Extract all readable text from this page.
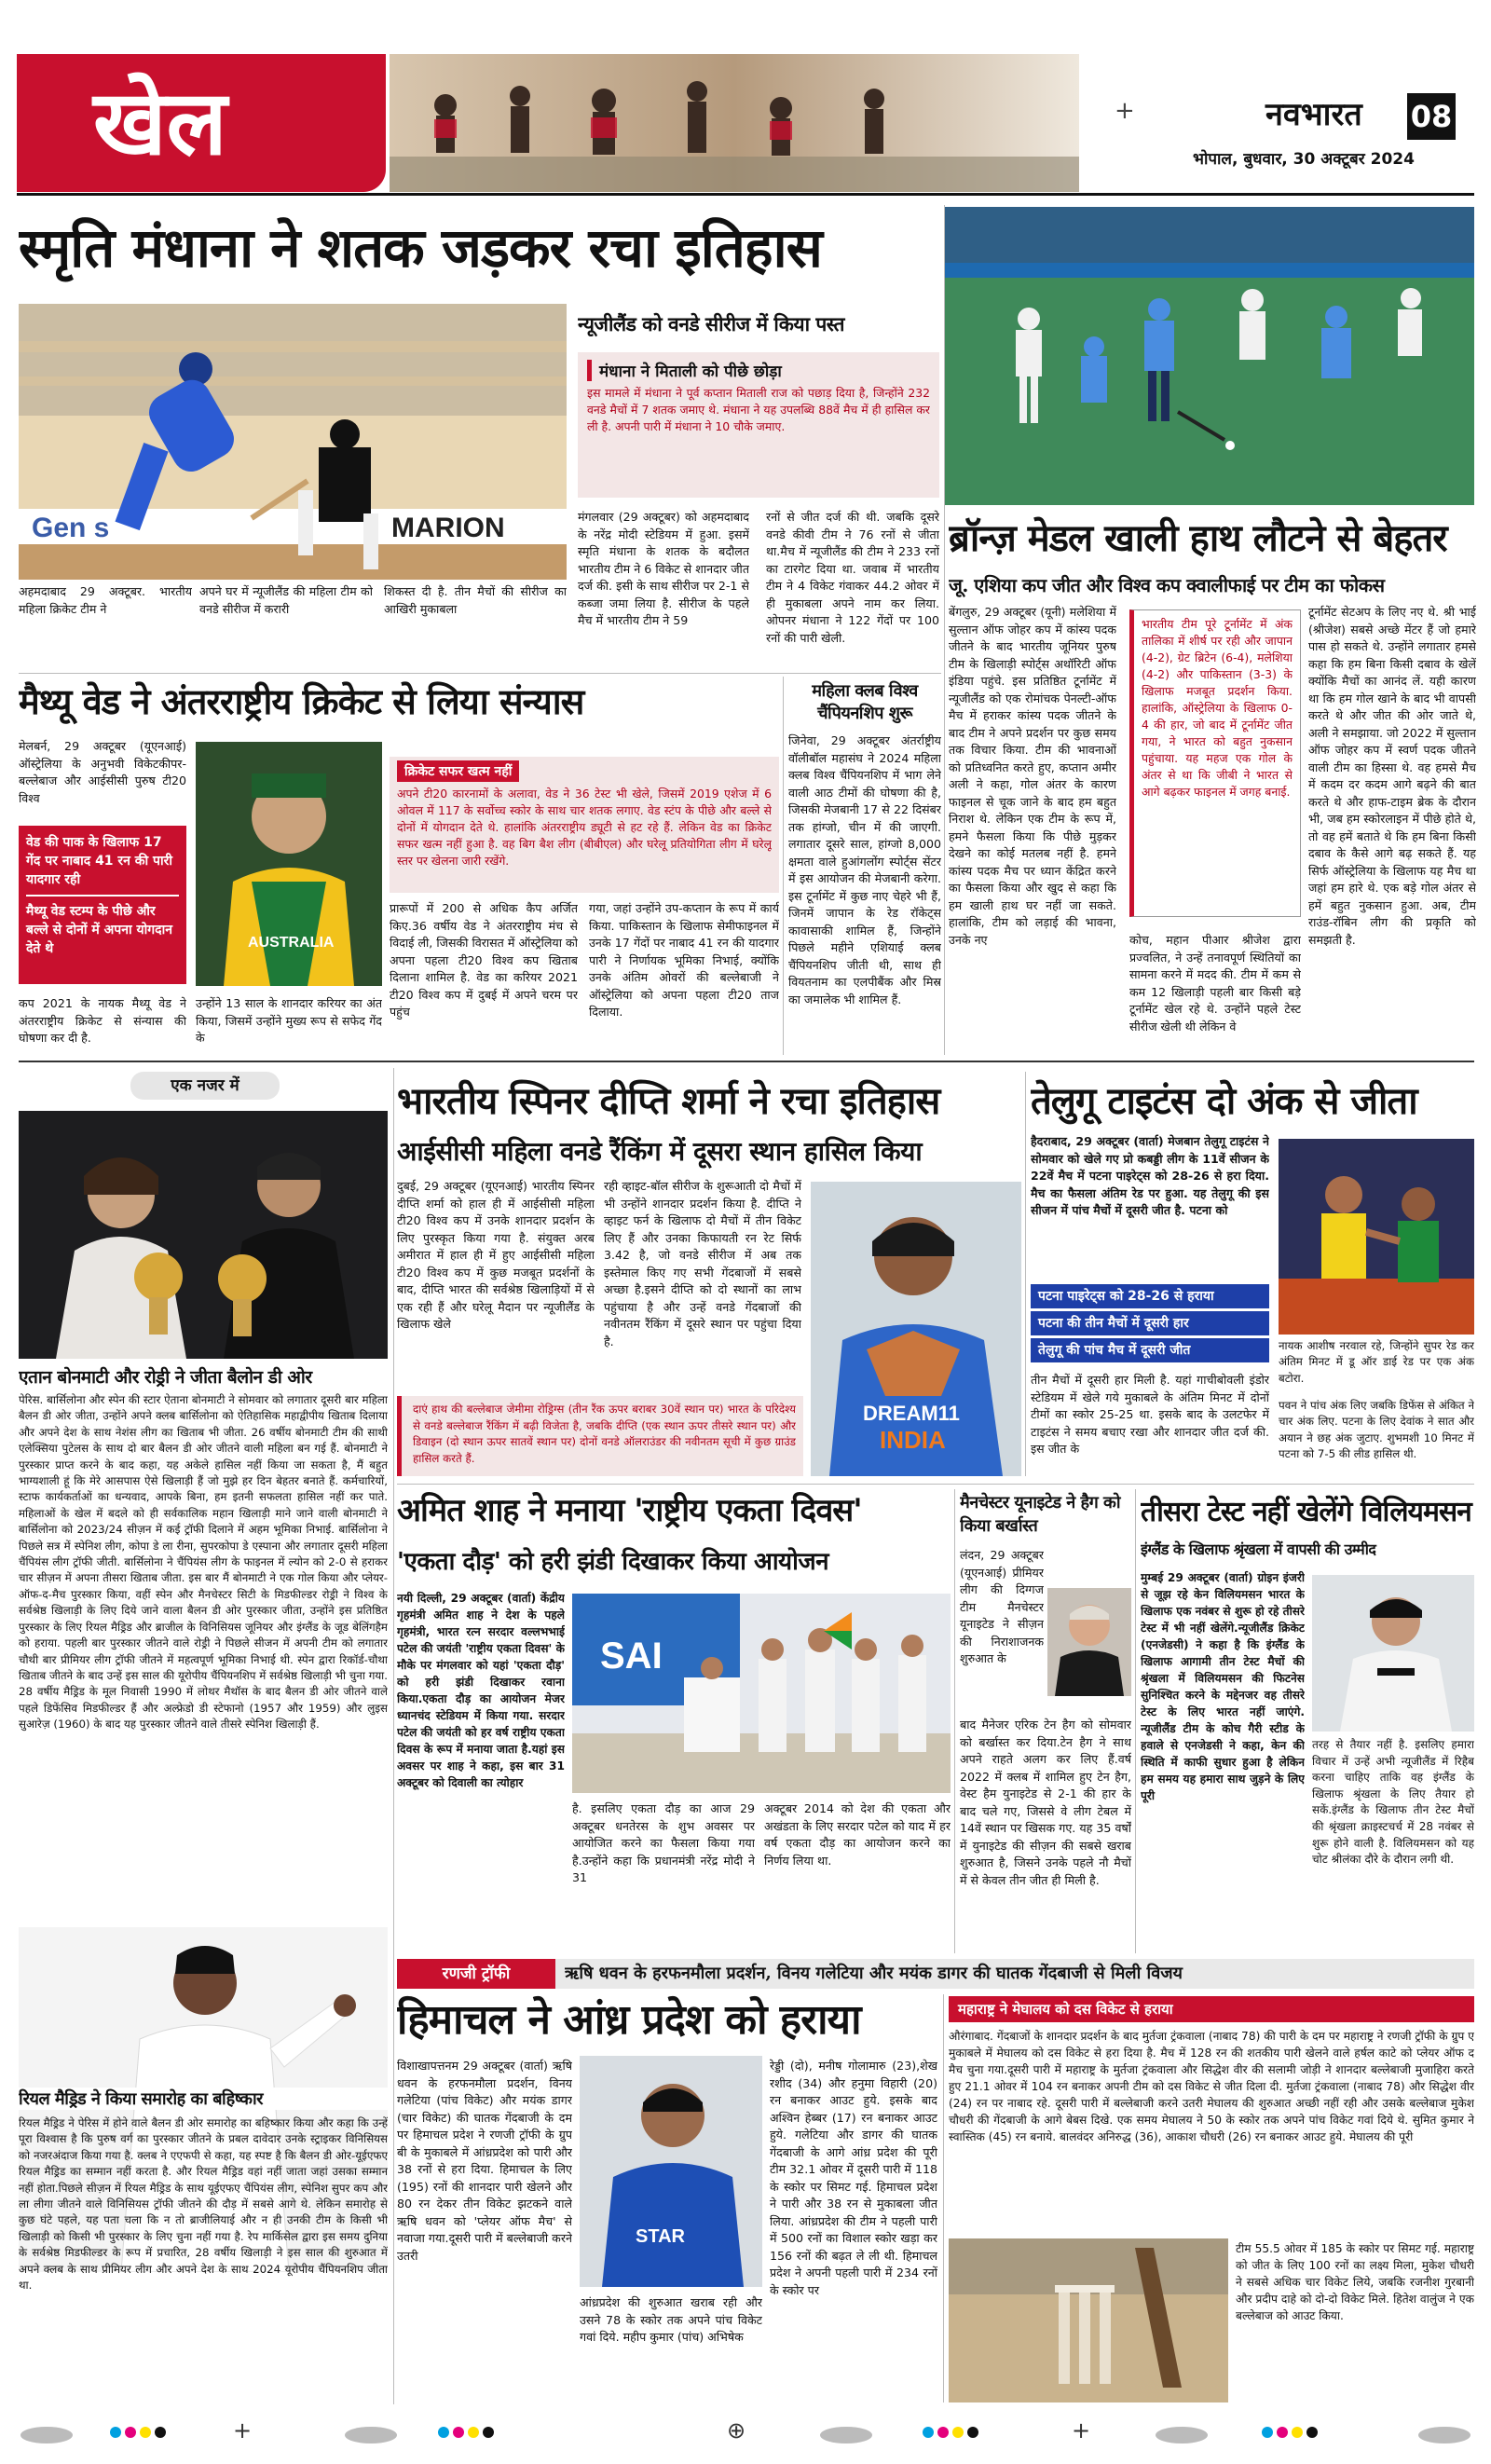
खेल	+	नवभारत 08
भोपाल, बुधवार, 30 अक्टूबर 2024
स्मृति मंधाना ने शतक जड़कर रचा इतिहास
Gen s	MARION
न्यूजीलैंड को वनडे सीरीज में किया पस्त
मंधाना ने मिताली को पीछे छोड़ा
इस मामले में मंधाना ने पूर्व कप्तान मिताली राज को पछाड़ दिया है, जिन्होंने 232 वनडे मैचों में 7 शतक जमाए थे. मंधाना ने यह उपलब्धि 88वें मैच में ही हासिल कर ली है. अपनी पारी में मंधाना ने 10 चौके जमाए.
मंगलवार (29 अक्टूबर) को अहमदाबाद के नरेंद्र मोदी स्टेडियम में हुआ. इसमें स्मृति मंधाना के शतक के बदौलत भारतीय टीम ने 6 विकेट से शानदार जीत दर्ज की. इसी के साथ सीरीज पर 2-1 से कब्जा जमा लिया है. सीरीज के पहले मैच में भारतीय टीम ने 59
रनों से जीत दर्ज की थी. जबकि दूसरे वनडे कीवी टीम ने 76 रनों से जीता था.मैच में न्यूजीलैंड की टीम ने 233 रनों का टारगेट दिया था. जवाब में भारतीय टीम ने 4 विकेट गंवाकर 44.2 ओवर में ही मुकाबला अपने नाम कर लिया. ओपनर मंधाना ने 122 गेंदों पर 100 रनों की पारी खेली.
अहमदाबाद 29 अक्टूबर. भारतीय महिला क्रिकेट टीम ने
अपने घर में न्यूजीलैंड की महिला टीम को वनडे सीरीज में करारी
शिकस्त दी है. तीन मैचों की सीरीज का आखिरी मुकाबला
ब्रॉन्ज़ मेडल खाली हाथ लौटने से बेहतर
जू. एशिया कप जीत और विश्व कप क्वालीफाई पर टीम का फोकस
बेंगलुरु, 29 अक्टूबर (यूनी) मलेशिया में सुल्तान ऑफ जोहर कप में कांस्य पदक जीतने के बाद भारतीय जूनियर पुरुष टीम के खिलाड़ी स्पोर्ट्स अथॉरिटी ऑफ इंडिया पहुंचे. इस प्रतिष्ठित टूर्नामेंट में न्यूजीलैंड को एक रोमांचक पेनल्टी-ऑफ मैच में हराकर कांस्य पदक जीतने के बाद टीम ने अपने प्रदर्शन पर कुछ समय तक विचार किया. टीम की भावनाओं को प्रतिध्वनित करते हुए, कप्तान अमीर अली ने कहा, गोल अंतर के कारण फाइनल से चूक जाने के बाद हम बहुत निराश थे. लेकिन एक टीम के रूप में, हमने फैसला किया कि पीछे मुड़कर देखने का कोई मतलब नहीं है. हमने कांस्य पदक मैच पर ध्यान केंद्रित करने का फैसला किया और खुद से कहा कि हम खाली हाथ घर नहीं जा सकते. हालांकि, टीम को लड़ाई की भावना, उनके नए
भारतीय टीम पूरे टूर्नामेंट में अंक तालिका में शीर्ष पर रही और जापान (4-2), ग्रेट ब्रिटेन (6-4), मलेशिया (4-2) और पाकिस्तान (3-3) के खिलाफ मजबूत प्रदर्शन किया. हालांकि, ऑस्ट्रेलिया के खिलाफ 0-4 की हार, जो बाद में टूर्नामेंट जीत गया, ने भारत को बहुत नुकसान पहुंचाया. यह महज एक गोल के अंतर से था कि जीबी ने भारत से आगे बढ़कर फाइनल में जगह बनाई.
कोच, महान पीआर श्रीजेश द्वारा प्रज्वलित, ने उन्हें तनावपूर्ण स्थितियों का सामना करने में मदद की. टीम में कम से कम 12 खिलाड़ी पहली बार किसी बड़े टूर्नामेंट खेल रहे थे. उन्होंने पहले टेस्ट सीरीज खेली थी लेकिन वे
टूर्नामेंट सेटअप के लिए नए थे. श्री भाई (श्रीजेश) सबसे अच्छे मेंटर हैं जो हमारे पास हो सकते थे. उन्होंने लगातार हमसे कहा कि हम बिना किसी दबाव के खेलें क्योंकि मैचों का आनंद लें. यही कारण था कि हम गोल खाने के बाद भी वापसी करते थे और जीत की ओर जाते थे, अली ने समझाया. जो 2022 में सुल्तान ऑफ जोहर कप में स्वर्ण पदक जीतने वाली टीम का हिस्सा थे. वह हमसे मैच में कदम दर कदम आगे बढ़ने की बात करते थे और हाफ-टाइम ब्रेक के दौरान भी, जब हम स्कोरलाइन में पीछे होते थे, तो वह हमें बताते थे कि हम बिना किसी दबाव के कैसे आगे बढ़ सकते हैं. यह सिर्फ ऑस्ट्रेलिया के खिलाफ यह मैच था जहां हम हारे थे. एक बड़े गोल अंतर से हमें बहुत नुकसान हुआ. अब, टीम राउंड-रॉबिन लीग की प्रकृति को समझती है.
मैथ्यू वेड ने अंतरराष्ट्रीय क्रिकेट से लिया संन्यास
मेलबर्न, 29 अक्टूबर (यूएनआई) ऑस्ट्रेलिया के अनुभवी विकेटकीपर-बल्लेबाज और आईसीसी पुरुष टी20 विश्व
वेड की पाक के खिलाफ 17 गेंद पर नाबाद 41 रन की पारी यादगार रही
मैथ्यू वेड स्टम्प के पीछे और बल्ले से दोनों में अपना योगदान देते थे	AUSTRALIA
कप 2021 के नायक मैथ्यू वेड ने अंतरराष्ट्रीय क्रिकेट से संन्यास की घोषणा कर दी है.
उन्होंने 13 साल के शानदार करियर का अंत किया, जिसमें उन्होंने मुख्य रूप से सफेद गेंद के
क्रिकेट सफर खत्म नहीं
अपने टी20 कारनामों के अलावा, वेड ने 36 टेस्ट भी खेले, जिसमें 2019 एशेज में 6 ओवल में 117 के सर्वोच्च स्कोर के साथ चार शतक लगाए. वेड स्टंप के पीछे और बल्ले से दोनों में योगदान देते थे. हालांकि अंतरराष्ट्रीय ड्यूटी से हट रहे हैं. लेकिन वेड का क्रिकेट सफर खत्म नहीं हुआ है. वह बिग बैश लीग (बीबीएल) और घरेलू प्रतियोगिता लीग में घरेलू स्तर पर खेलना जारी रखेंगे.
प्रारूपों में 200 से अधिक कैप अर्जित किए.36 वर्षीय वेड ने अंतरराष्ट्रीय मंच से विदाई ली, जिसकी विरासत में ऑस्ट्रेलिया को अपना पहला टी20 विश्व कप खिताब दिलाना शामिल है. वेड का करियर 2021 टी20 विश्व कप में दुबई में अपने चरम पर पहुंच
गया, जहां उन्होंने उप-कप्तान के रूप में कार्य किया. पाकिस्तान के खिलाफ सेमीफाइनल में उनके 17 गेंदों पर नाबाद 41 रन की यादगार पारी ने निर्णायक भूमिका निभाई, क्योंकि उनके अंतिम ओवरों की बल्लेबाजी ने ऑस्ट्रेलिया को अपना पहला टी20 ताज दिलाया.
महिला क्लब विश्व चैंपियनशिप शुरू
जिनेवा, 29 अक्टूबर अंतर्राष्ट्रीय वॉलीबॉल महासंघ ने 2024 महिला क्लब विश्व चैंपियनशिप में भाग लेने वाली आठ टीमों की घोषणा की है, जिसकी मेजबानी 17 से 22 दिसंबर तक हांग्जो, चीन में की जाएगी. लगातार दूसरे साल, हांग्जो 8,000 क्षमता वाले हुआंगलोंग स्पोर्ट्स सेंटर में इस आयोजन की मेजबानी करेगा. इस टूर्नामेंट में कुछ नाए चेहरे भी हैं, जिनमें जापान के रेड रॉकेट्स कावासाकी शामिल हैं, जिन्होंने पिछले महीने एशियाई क्लब चैंपियनशिप जीती थी, साथ ही वियतनाम का एलपीबैंक और मिस्र का जमालेक भी शामिल हैं.
एक नजर में
एतान बोनमाटी और रोड्री ने जीता बैलोन डी ओर
पेरिस. बार्सिलोना और स्पेन की स्टार ऐताना बोनमाटी ने सोमवार को लगातार दूसरी बार महिला बैलन डी ओर जीता, उन्होंने अपने क्लब बार्सिलोना को ऐतिहासिक महाद्वीपीय खिताब दिलाया और अपने देश के साथ नेशंस लीग का खिताब भी जीता. 26 वर्षीय बोनमाटी टीम की साथी एलेक्सिया पुटेलस के साथ दो बार बैलन डी ओर जीतने वाली महिला बन गई हैं. बोनमाटी ने पुरस्कार प्राप्त करने के बाद कहा, यह अकेले हासिल नहीं किया जा सकता है, मैं बहुत भाग्यशाली हूं कि मेरे आसपास ऐसे खिलाड़ी हैं जो मुझे हर दिन बेहतर बनाते हैं. कर्मचारियों, स्टाफ कार्यकर्ताओं का धन्यवाद, आपके बिना, हम इतनी सफलता हासिल नहीं कर पाते. महिलाओं के खेल में बदले को ही सर्वकालिक महान खिलाड़ी माने जाने वाली बोनमाटी ने बार्सिलोना को 2023/24 सीज़न में कई ट्रॉफी दिलाने में अहम भूमिका निभाई. बार्सिलोना ने पिछले सत्र में स्पेनिश लीग, कोपा डे ला रीना, सुपरकोपा डे एस्पाना और लगातार दूसरी महिला चैंपियंस लीग ट्रॉफी जीती. बार्सिलोना ने चैंपियंस लीग के फाइनल में ल्योन को 2-0 से हराकर चार सीज़न में अपना तीसरा खिताब जीता. इस बार मैं बोनमाटी ने एक गोल किया और प्लेयर-ऑफ-द-मैच पुरस्कार किया, वहीं स्पेन और मैनचेस्टर सिटी के मिडफील्डर रोड्री ने विश्व के सर्वश्रेष्ठ खिलाड़ी के लिए दिये जाने वाला बैलन डी ओर पुरस्कार जीता, उन्होंने इस प्रतिष्ठित पुरस्कार के लिए रियल मैड्रिड और ब्राजील के विनिसियस जूनियर और इंग्लैंड के जूड बेलिंगहैम को हराया. पहली बार पुरस्कार जीतने वाले रोड्री ने पिछले सीजन में अपनी टीम को लगातार चौथी बार प्रीमियर लीग ट्रॉफी जीतने में महत्वपूर्ण भूमिका निभाई थी. स्पेन द्वारा रिकॉर्ड-चौथा खिताब जीतने के बाद उन्हें इस साल की यूरोपीय चैंपियनशिप में सर्वश्रेष्ठ खिलाड़ी भी चुना गया. 28 वर्षीय मैड्रिड के मूल निवासी 1990 में लोथर मैथॉस के बाद बैलन डी ओर जीतने वाले पहले डिफेंसिव मिडफील्डर हैं और अल्फ्रेडो डी स्टेफानो (1957 और 1959) और लुइस सुआरेज़ (1960) के बाद यह पुरस्कार जीतने वाले तीसरे स्पेनिश खिलाड़ी हैं.
रियल मैड्रिड ने किया समारोह का बहिष्कार
रियल मैड्रिड ने पेरिस में होने वाले बैलन डी ओर समारोह का बहिष्कार किया और कहा कि उन्हें पूरा विश्वास है कि पुरुष वर्ग का पुरस्कार जीतने के प्रबल दावेदार उनके स्ट्राइकर विनिसियस को नजरअंदाज किया गया है. क्लब ने एएफपी से कहा, यह स्पष्ट है कि बैलन डी ओर-यूईएफए रियल मैड्रिड का सम्मान नहीं करता है. और रियल मैड्रिड वहां नहीं जाता जहां उसका सम्मान नहीं होता.पिछले सीज़न में रियल मैड्रिड के साथ यूईएफए चैंपियंस लीग, स्पेनिश सुपर कप और ला लीगा जीतने वाले विनिसियस ट्रॉफी जीतने की दौड़ में सबसे आगे थे. लेकिन समारोह से कुछ घंटे पहले, यह पता चला कि न तो ब्राजीलियाई और न ही उनकी टीम के किसी भी खिलाड़ी को किसी भी पुरस्कार के लिए चुना नहीं गया है. रेप मार्किसेल द्वारा इस समय दुनिया के सर्वश्रेष्ठ मिडफील्डर के रूप में प्रचारित, 28 वर्षीय खिलाड़ी ने इस साल की शुरुआत में अपने क्लब के साथ प्रीमियर लीग और अपने देश के साथ 2024 यूरोपीय चैंपियनशिप जीता था.
भारतीय स्पिनर दीप्ति शर्मा ने रचा इतिहास
आईसीसी महिला वनडे रैंकिंग में दूसरा स्थान हासिल किया
दुबई, 29 अक्टूबर (यूएनआई) भारतीय स्पिनर दीप्ति शर्मा को हाल ही में आईसीसी महिला टी20 विश्व कप में उनके शानदार प्रदर्शन के लिए पुरस्कृत किया गया है. संयुक्त अरब अमीरात में हाल ही में हुए आईसीसी महिला टी20 विश्व कप में कुछ मजबूत प्रदर्शनों के बाद, दीप्ति भारत की सर्वश्रेष्ठ खिलाड़ियों में से एक रही हैं और घरेलू मैदान पर न्यूजीलैंड के खिलाफ खेले
रही व्हाइट-बॉल सीरीज के शुरूआती दो मैचों में भी उन्होंने शानदार प्रदर्शन किया है. दीप्ति ने व्हाइट फर्न के खिलाफ दो मैचों में तीन विकेट लिए हैं और उनका किफायती रन रेट सिर्फ 3.42 है, जो वनडे सीरीज में अब तक इस्तेमाल किए गए सभी गेंदबाजों में सबसे अच्छा है.इसने दीप्ति को दो स्थानों का लाभ पहुंचाया है और उन्हें वनडे गेंदबाजों की नवीनतम रैंकिंग में दूसरे स्थान पर पहुंचा दिया है.
DREAM11
INDIA
दाएं हाथ की बल्लेबाज जेमीमा रोड्रिग्स (तीन रैंक ऊपर बराबर 30वें स्थान पर) भारत के परिदेश्य से वनडे बल्लेबाज रैंकिंग में बढ़ी विजेता है, जबकि दीप्ति (एक स्थान ऊपर तीसरे स्थान पर) और डिवाइन (दो स्थान ऊपर सातवें स्थान पर) दोनों वनडे ऑलराउंडर की नवीनतम सूची में कुछ ग्राउंड हासिल करते हैं.
तेलुगू टाइटंस दो अंक से जीता
हैदराबाद, 29 अक्टूबर (वार्ता) मेजबान तेलुगू टाइटंस ने सोमवार को खेले गए प्रो कबड्डी लीग के 11वें सीजन के 22वें मैच में पटना पाइरेट्स को 28-26 से हरा दिया. मैच का फैसला अंतिम रेड पर हुआ. यह तेलुगू की इस सीजन में पांच मैचों में दूसरी जीत है. पटना को
पटना पाइरेट्स को 28-26 से हराया
पटना की तीन मैचों में दूसरी हार
तेलुगू की पांच मैच में दूसरी जीत
तीन मैचों में दूसरी हार मिली है. यहां गाचीबोवली इंडोर स्टेडियम में खेले गये मुकाबले के अंतिम मिनट में दोनों टीमों का स्कोर 25-25 था. इसके बाद के उलटफेर में टाइटंस ने समय बचाए रखा और शानदार जीत दर्ज की. इस जीत के
नायक आशीष नरवाल रहे, जिन्होंने सुपर रेड कर अंतिम मिनट में डू ऑर डाई रेड पर एक अंक बटोरा.
पवन ने पांच अंक लिए जबकि डिफेंस से अंकित ने चार अंक लिए. पटना के लिए देवांक ने सात और अयान ने छह अंक जुटाए. शुभमशी 10 मिनट में पटना को 7-5 की लीड हासिल थी.
अमित शाह ने मनाया 'राष्ट्रीय एकता दिवस'
'एकता दौड़' को हरी झंडी दिखाकर किया आयोजन
नयी दिल्ली, 29 अक्टूबर (वार्ता) केंद्रीय गृहमंत्री अमित शाह ने देश के पहले गृहमंत्री, भारत रत्न सरदार वल्लभभाई पटेल की जयंती 'राष्ट्रीय एकता दिवस' के मौके पर मंगलवार को यहां 'एकता दौड़' को हरी झंडी दिखाकर रवाना किया.एकता दौड़ का आयोजन मेजर ध्यानचंद स्टेडियम में किया गया. सरदार पटेल की जयंती को हर वर्ष राष्ट्रीय एकता दिवस के रूप में मनाया जाता है.यहां इस अवसर पर शाह ने कहा, इस बार 31 अक्टूबर को दिवाली का त्योहार
SAI
है. इसलिए एकता दौड़ का आज 29 अक्टूबर धनतेरस के शुभ अवसर पर आयोजित करने का फैसला किया गया है.उन्होंने कहा कि प्रधानमंत्री नरेंद्र मोदी ने 31
अक्टूबर 2014 को देश की एकता और अखंडता के लिए सरदार पटेल को याद में हर वर्ष एकता दौड़ का आयोजन करने का निर्णय लिया था.
मैनचेस्टर यूनाइटेड ने हैग को किया बर्खास्त
लंदन, 29 अक्टूबर (यूएनआई) प्रीमियर लीग की दिग्गज टीम मैनचेस्टर यूनाइटेड ने सीज़न की निराशाजनक शुरुआत के
बाद मैनेजर एरिक टेन हैग को सोमवार को बर्खास्त कर दिया.टेन हैग ने साथ अपने राहते अलग कर लिए हैं.वर्ष 2022 में क्लब में शामिल हुए टेन हैग, वेस्ट हैम युनाइटेड से 2-1 की हार के बाद चले गए, जिससे वे लीग टेबल में 14वें स्थान पर खिसक गए. यह 35 वर्षों में युनाइटेड की सीज़न की सबसे खराब शुरुआत है, जिसने उनके पहले नौ मैचों में से केवल तीन जीत ही मिली है.
तीसरा टेस्ट नहीं खेलेंगे विलियमसन
इंग्लैंड के खिलाफ श्रृंखला में वापसी की उम्मीद
मुम्बई 29 अक्टूबर (वार्ता) ग्रोइन इंजरी से जूझ रहे केन विलियमसन भारत के खिलाफ एक नवंबर से शुरू हो रहे तीसरे टेस्ट में भी नहीं खेलेंगे.न्यूजीलैंड क्रिकेट (एनजेडसी) ने कहा है कि इंग्लैंड के खिलाफ आगामी तीन टेस्ट मैचों की श्रृंखला में विलियमसन की फिटनेस सुनिश्चित करने के मद्देनजर वह तीसरे टेस्ट के लिए भारत नहीं जाएंगे. न्यूजीलैंड टीम के कोच गैरी स्टीड के हवाले से एनजेडसी ने कहा, केन की स्थिति में काफी सुधार हुआ है लेकिन हम समय यह हमारा साथ जुड़ने के लिए पूरी
तरह से तैयार नहीं है. इसलिए हमारा विचार में उन्हें अभी न्यूजीलैंड में रिहैब करना चाहिए ताकि वह इंग्लैंड के खिलाफ श्रृंखला के लिए तैयार हो सकें.इंग्लैंड के खिलाफ तीन टेस्ट मैचों की श्रृंखला क्राइस्टचर्च में 28 नवंबर से शुरू होने वाली है. विलियमसन को यह चोट श्रीलंका दौरे के दौरान लगी थी.
रणजी ट्रॉफी	ऋषि धवन के हरफनमौला प्रदर्शन, विनय गलेटिया और मयंक डागर की घातक गेंदबाजी से मिली विजय
हिमाचल ने आंध्र प्रदेश को हराया
विशाखापत्तनम 29 अक्टूबर (वार्ता) ऋषि धवन के हरफनमौला प्रदर्शन, विनय गलेटिया (पांच विकेट) और मयंक डागर (चार विकेट) की घातक गेंदबाजी के दम पर हिमाचल प्रदेश ने रणजी ट्रॉफी के ग्रुप बी के मुकाबले में आंध्रप्रदेश को पारी और 38 रनों से हरा दिया. हिमाचल के लिए (195) रनों की शानदार पारी खेलने और 80 रन देकर तीन विकेट झटकने वाले ऋषि धवन को 'प्लेयर ऑफ मैच' से नवाजा गया.दूसरी पारी में बल्लेबाजी करने उतरी
STAR
आंध्रप्रदेश की शुरुआत खराब रही और उसने 78 के स्कोर तक अपने पांच विकेट गवां दिये. महीप कुमार (पांच) अभिषेक
रेड्डी (दो), मनीष गोलामारु (23),शेख रशीद (34) और हनुमा विहारी (20) रन बनाकर आउट हुये. इसके बाद अश्विन हेब्बर (17) रन बनाकर आउट हुये. गलेटिया और डागर की घातक गेंदबाजी के आगे आंध्र प्रदेश की पूरी टीम 32.1 ओवर में दूसरी पारी में 118 के स्कोर पर सिमट गई. हिमाचल प्रदेश ने पारी और 38 रन से मुकाबला जीत लिया. आंध्रप्रदेश की टीम ने पहली पारी में 500 रनों का विशाल स्कोर खड़ा कर 156 रनों की बढ़त ले ली थी. हिमाचल प्रदेश ने अपनी पहली पारी में 234 रनों के स्कोर पर
महाराष्ट्र ने मेघालय को दस विकेट से हराया
औरंगाबाद. गेंदबाजों के शानदार प्रदर्शन के बाद मुर्तजा ट्रंकवाला (नाबाद 78) की पारी के दम पर महाराष्ट्र ने रणजी ट्रॉफी के ग्रुप ए मुकाबले में मेघालय को दस विकेट से हरा दिया है. मैच में 128 रन की शतकीय पारी खेलने वाले हर्षल काटे को प्लेयर ऑफ द मैच चुना गया.दूसरी पारी में महाराष्ट्र के मुर्तजा ट्रंकवाला और सिद्धेश वीर की सलामी जोड़ी ने शानदार बल्लेबाजी मुजाहिरा करते हुए 21.1 ओवर में 104 रन बनाकर अपनी टीम को दस विकेट से जीत दिला दी. मुर्तजा ट्रंकवाला (नाबाद 78) और सिद्धेश वीर (24) रन पर नाबाद रहे. दूसरी पारी में बल्लेबाजी करने उतरी मेघालय की शुरुआत अच्छी नहीं रही और उसके बल्लेबाज मुकेश चौधरी की गेंदबाजी के आगे बेबस दिखे. एक समय मेघालय ने 50 के स्कोर तक अपने पांच विकेट गवां दिये थे. सुमित कुमार ने स्वास्तिक (45) रन बनाये. बालवंदर अनिरुद्ध (36), आकाश चौधरी (26) रन बनाकर आउट हुये. मेघालय की पूरी
टीम 55.5 ओवर में 185 के स्कोर पर सिमट गई. महाराष्ट्र को जीत के लिए 100 रनों का लक्ष्य मिला, मुकेश चौधरी ने सबसे अधिक चार विकेट लिये, जबकि रजनीश गुरबानी और प्रदीप दाहे को दो-दो विकेट मिले. हितेश वालुंज ने एक बल्लेबाज को आउट किया.
+	⊕	+
